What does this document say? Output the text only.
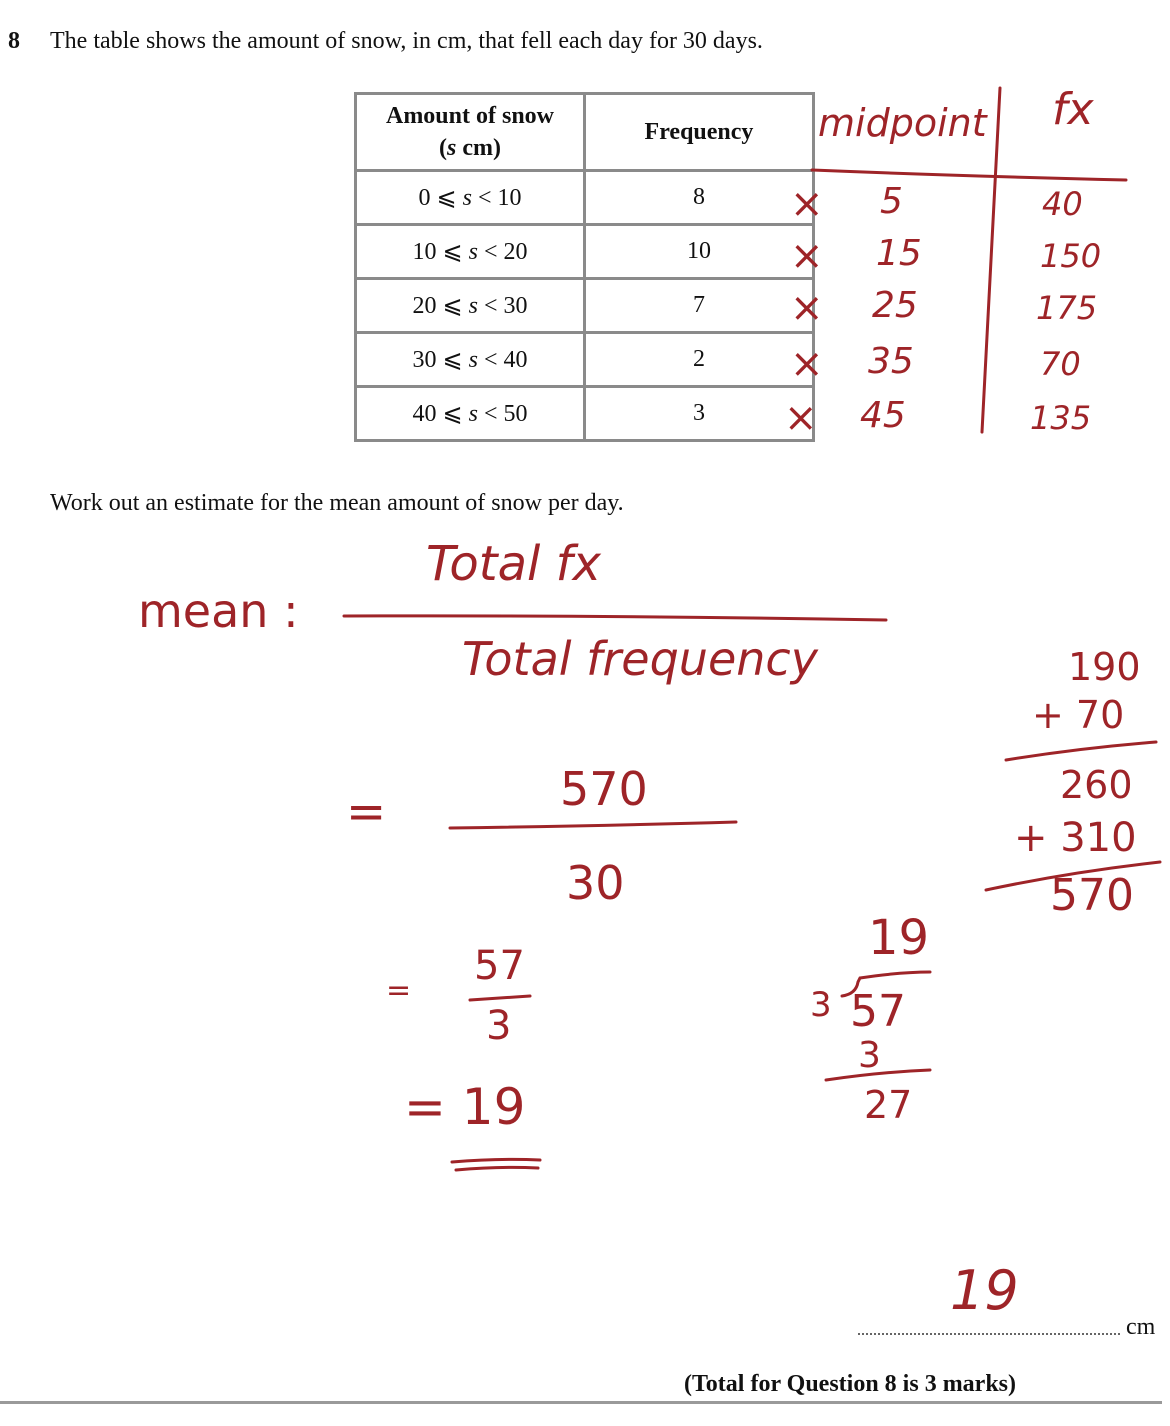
8 The table shows the amount of snow, in cm, that fell each day for 30 days.
Amount of snow
(s cm)	Frequency
0 ⩽ s < 10	8
10 ⩽ s < 20	10
20 ⩽ s < 30	7
30 ⩽ s < 40	2
40 ⩽ s < 50	3
Work out an estimate for the mean amount of snow per day.
midpoint fx
× 5	40
× 15	150
× 25	175
× 35	70
× 45	135
mean :
Total fx
Total frequency
=	570
30
=
57
3
= 19
190
+ 70
260
+ 310
570
19
3 57
3
27
19
cm
(Total for Question 8 is 3 marks)
